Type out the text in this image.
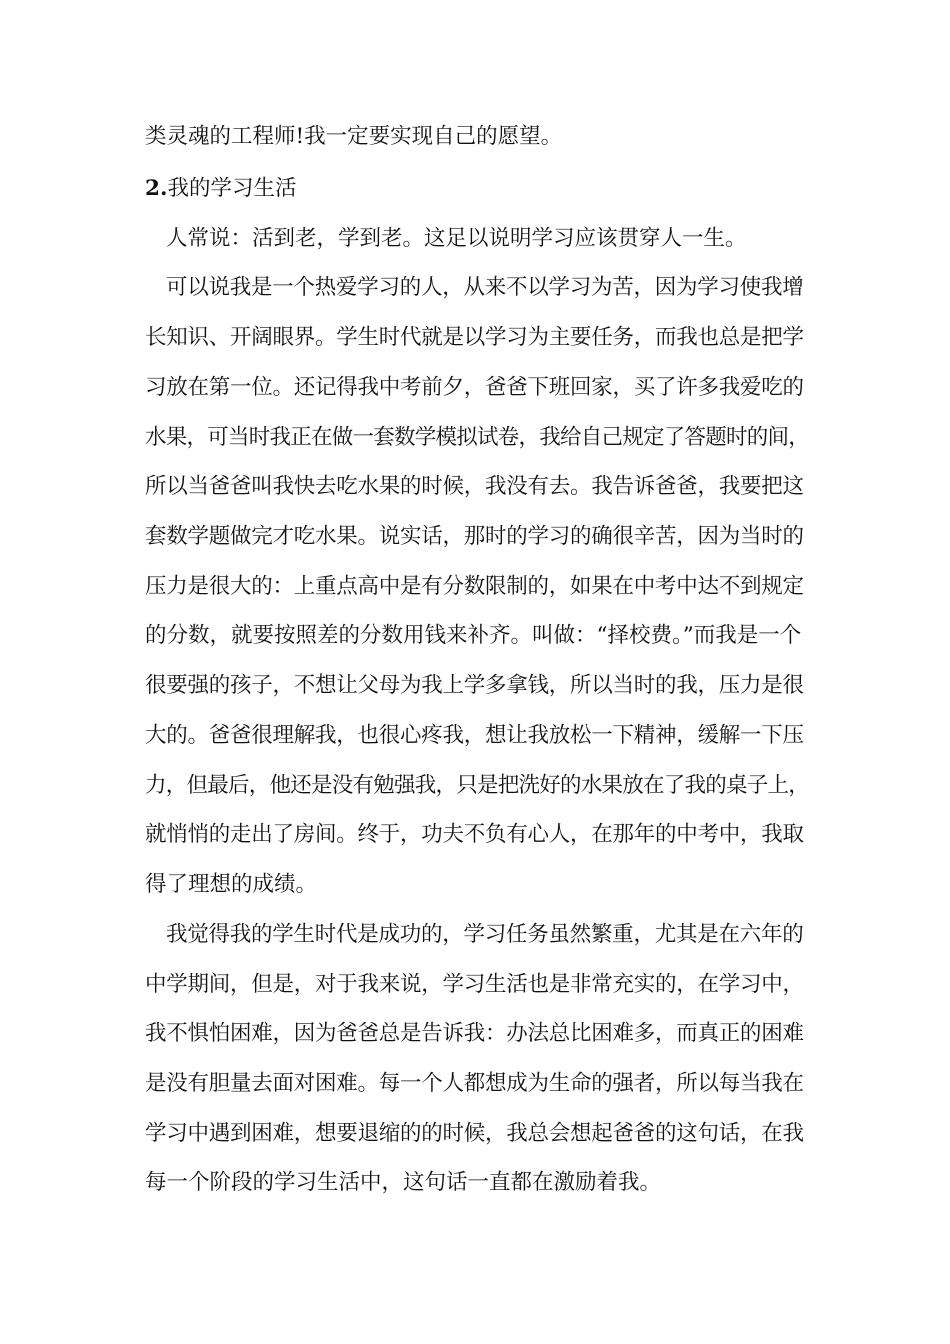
类灵魂的工程师!我一定要实现自己的愿望。
2.我的学习生活
人常说：活到老，学到老。这足以说明学习应该贯穿人一生。
可以说我是一个热爱学习的人，从来不以学习为苦，因为学习使我增
长知识、开阔眼界。学生时代就是以学习为主要任务，而我也总是把学
习放在第一位。还记得我中考前夕，爸爸下班回家，买了许多我爱吃的
水果，可当时我正在做一套数学模拟试卷，我给自己规定了答题时的间，
所以当爸爸叫我快去吃水果的时候，我没有去。我告诉爸爸，我要把这
套数学题做完才吃水果。说实话，那时的学习的确很辛苦，因为当时的
压力是很大的：上重点高中是有分数限制的，如果在中考中达不到规定
的分数，就要按照差的分数用钱来补齐。叫做：“择校费。”而我是一个
很要强的孩子，不想让父母为我上学多拿钱，所以当时的我，压力是很
大的。爸爸很理解我，也很心疼我，想让我放松一下精神，缓解一下压
力，但最后，他还是没有勉强我，只是把洗好的水果放在了我的桌子上，
就悄悄的走出了房间。终于，功夫不负有心人，在那年的中考中，我取
得了理想的成绩。
我觉得我的学生时代是成功的，学习任务虽然繁重，尤其是在六年的
中学期间，但是，对于我来说，学习生活也是非常充实的，在学习中，
我不惧怕困难，因为爸爸总是告诉我：办法总比困难多，而真正的困难
是没有胆量去面对困难。每一个人都想成为生命的强者，所以每当我在
学习中遇到困难，想要退缩的的时候，我总会想起爸爸的这句话，在我
每一个阶段的学习生活中，这句话一直都在激励着我。
